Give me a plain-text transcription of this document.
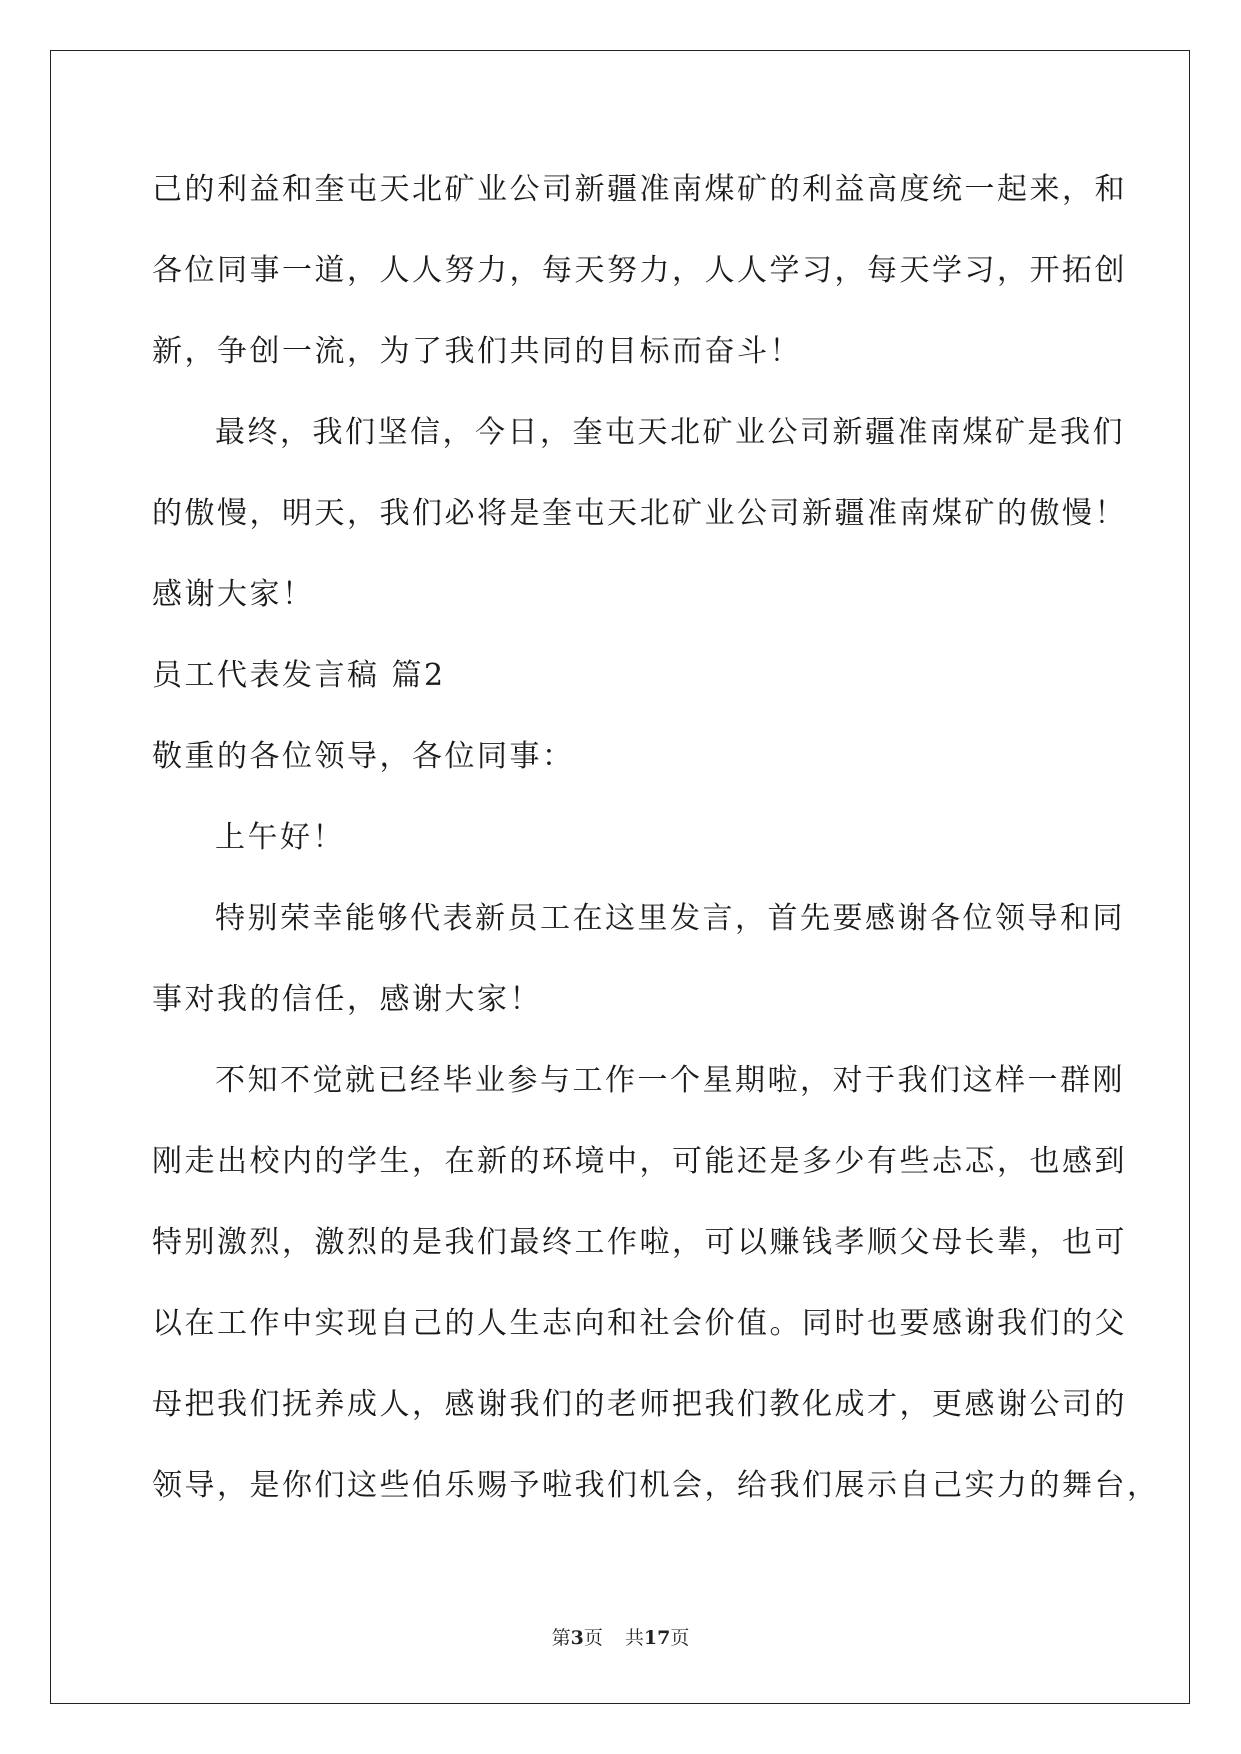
己的利益和奎屯天北矿业公司新疆准南煤矿的利益高度统一起来，和
各位同事一道，人人努力，每天努力，人人学习，每天学习，开拓创
新，争创一流，为了我们共同的目标而奋斗！
最终，我们坚信，今日，奎屯天北矿业公司新疆准南煤矿是我们
的傲慢，明天，我们必将是奎屯天北矿业公司新疆准南煤矿的傲慢！
感谢大家！
员工代表发言稿 篇2
敬重的各位领导，各位同事：
上午好！
特别荣幸能够代表新员工在这里发言，首先要感谢各位领导和同
事对我的信任，感谢大家！
不知不觉就已经毕业参与工作一个星期啦，对于我们这样一群刚
刚走出校内的学生，在新的环境中，可能还是多少有些忐忑，也感到
特别激烈，激烈的是我们最终工作啦，可以赚钱孝顺父母长辈，也可
以在工作中实现自己的人生志向和社会价值。同时也要感谢我们的父
母把我们抚养成人，感谢我们的老师把我们教化成才，更感谢公司的
领导，是你们这些伯乐赐予啦我们机会，给我们展示自己实力的舞台，
第3页 共17页
